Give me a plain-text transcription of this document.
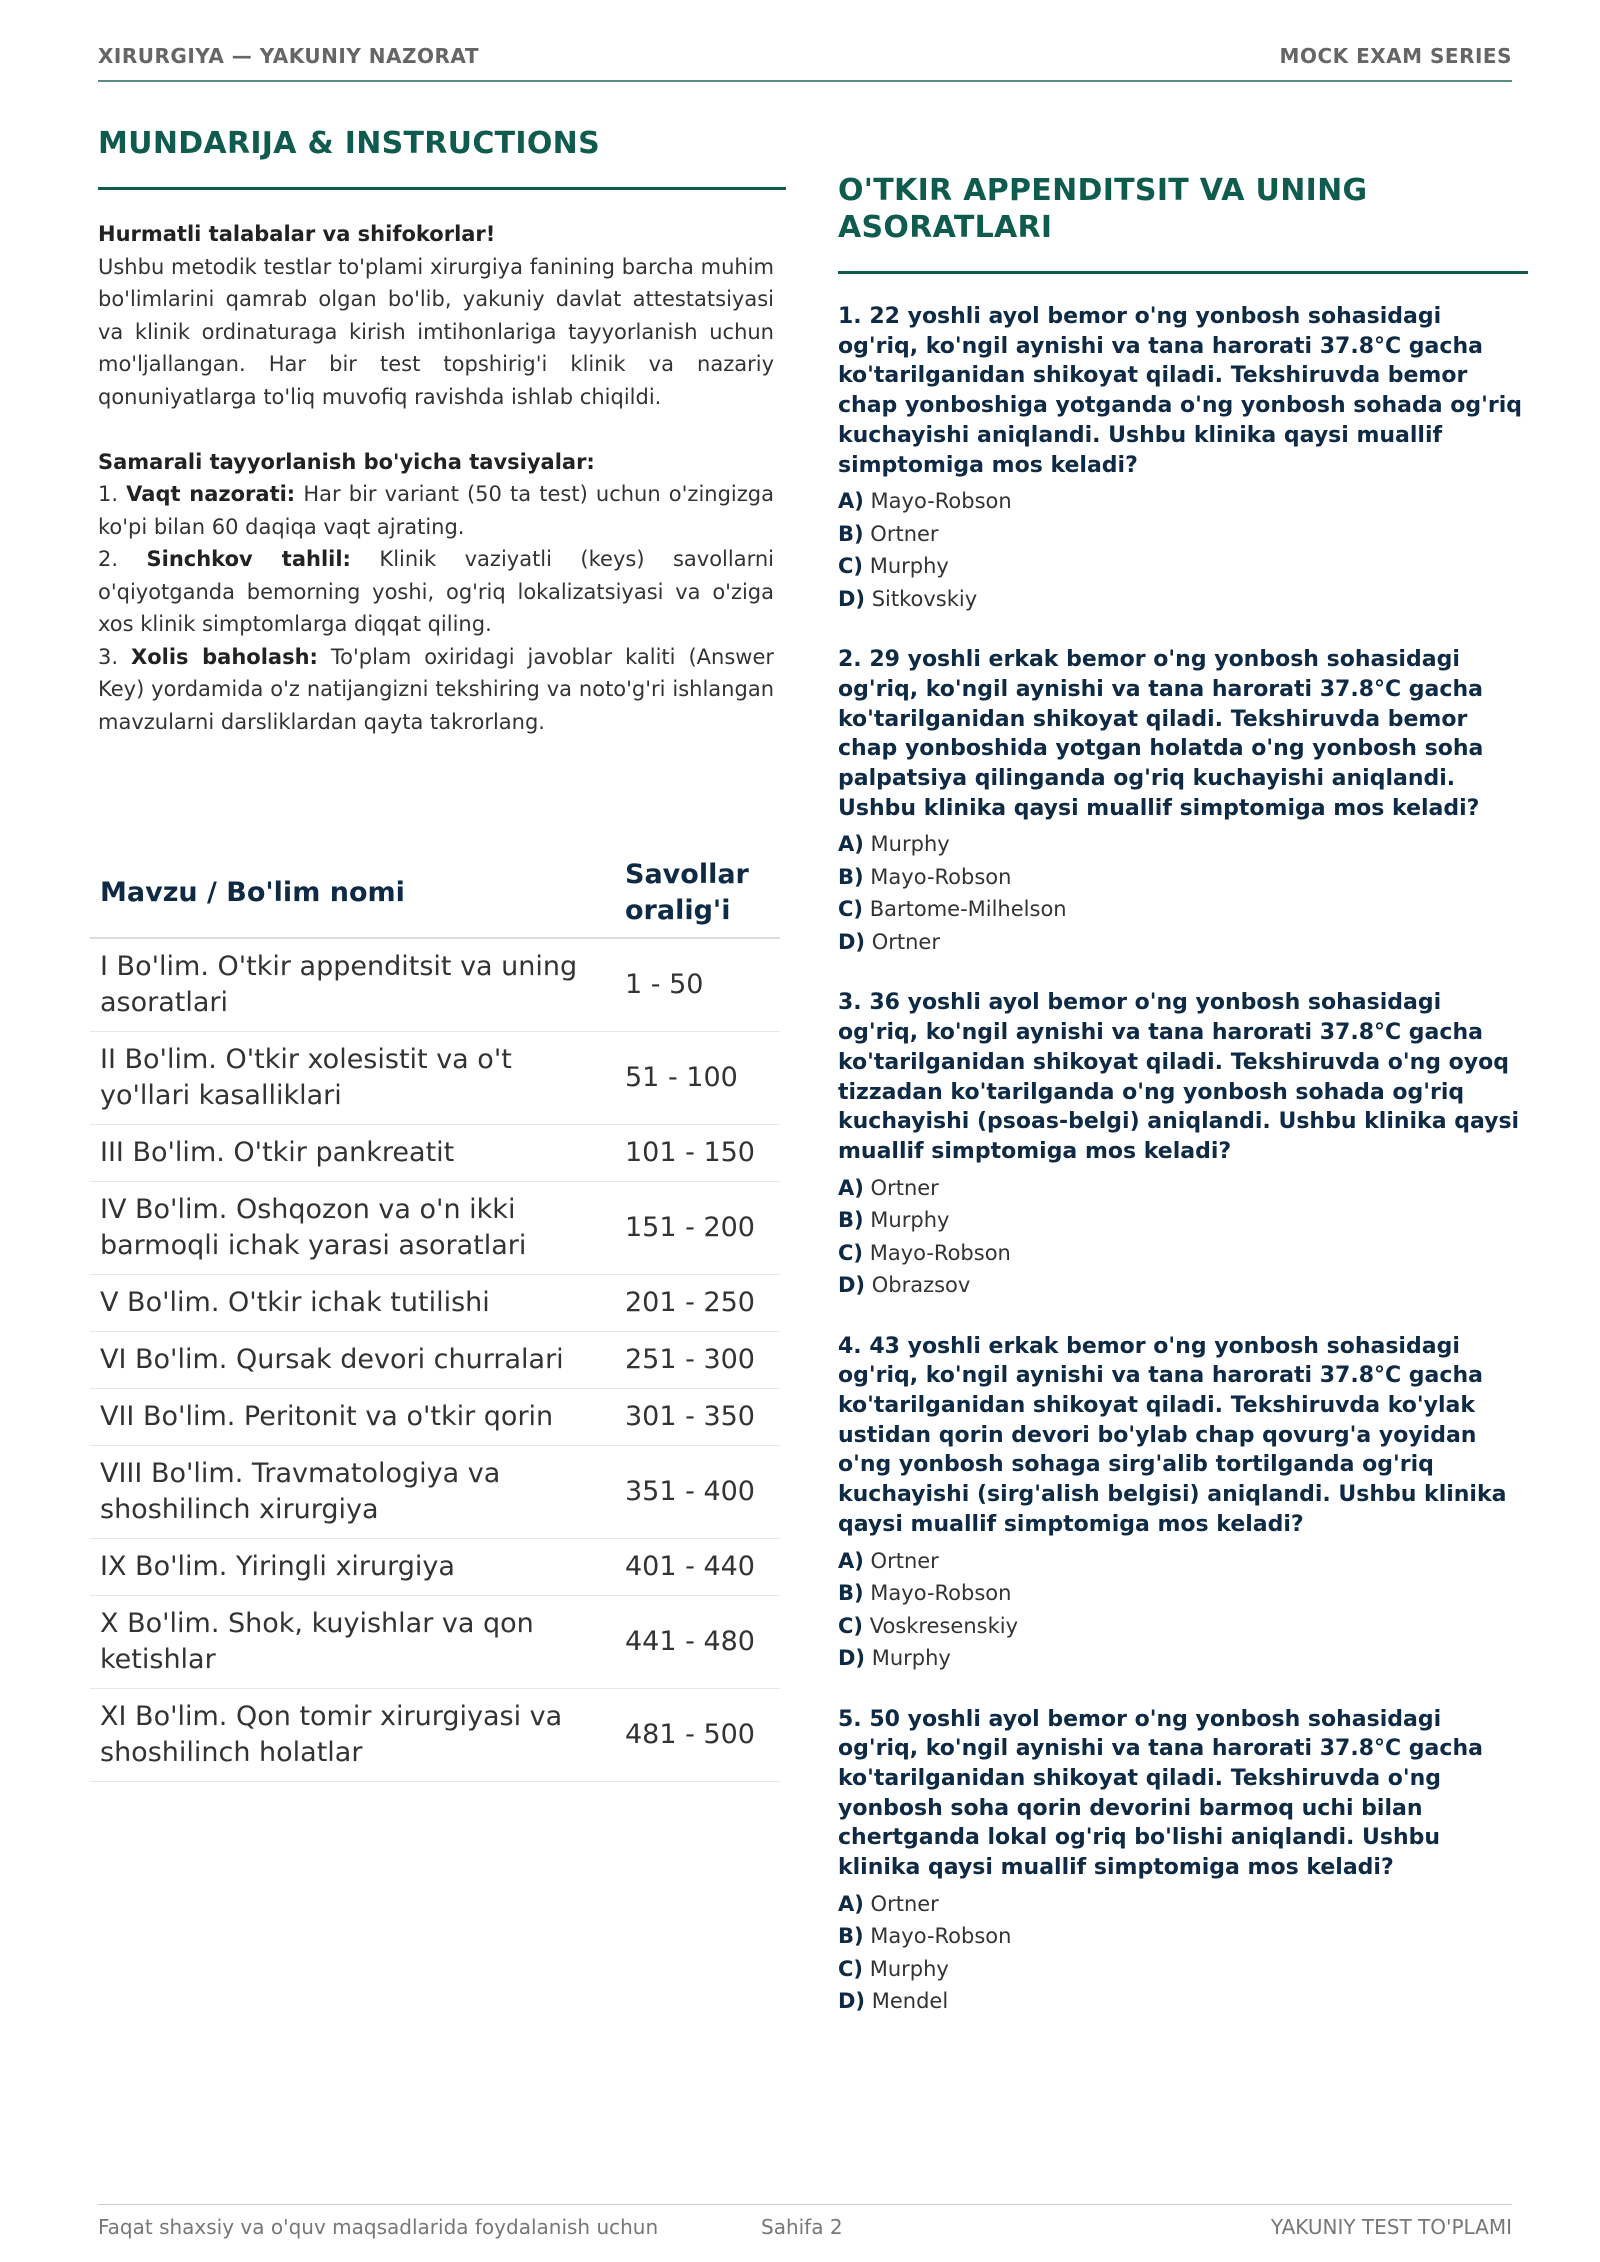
XIRURGIYA — YAKUNIY NAZORAT	MOCK EXAM SERIES
MUNDARIJA & INSTRUCTIONS
Hurmatli talabalar va shifokorlar!
Ushbu metodik testlar to'plami xirurgiya fanining barcha muhim bo'limlarini qamrab olgan bo'lib, yakuniy davlat attestatsiyasi va klinik ordinaturaga kirish imtihonlariga tayyorlanish uchun mo'ljallangan. Har bir test topshirig'i klinik va nazariy qonuniyatlarga to'liq muvofiq ravishda ishlab chiqildi.
Samarali tayyorlanish bo'yicha tavsiyalar:
1. Vaqt nazorati: Har bir variant (50 ta test) uchun o'zingizga ko'pi bilan 60 daqiqa vaqt ajrating.
2. Sinchkov tahlil: Klinik vaziyatli (keys) savollarni o'qiyotganda bemorning yoshi, og'riq lokalizatsiyasi va o'ziga xos klinik simptomlarga diqqat qiling.
3. Xolis baholash: To'plam oxiridagi javoblar kaliti (Answer Key) yordamida o'z natijangizni tekshiring va noto'g'ri ishlangan mavzularni darsliklardan qayta takrorlang.
Mavzu / Bo'lim nomi	Savollar oralig'i
I Bo'lim. O'tkir appenditsit va uning asoratlari	1 - 50
II Bo'lim. O'tkir xolesistit va o't yo'llari kasalliklari	51 - 100
III Bo'lim. O'tkir pankreatit	101 - 150
IV Bo'lim. Oshqozon va o'n ikki barmoqli ichak yarasi asoratlari	151 - 200
V Bo'lim. O'tkir ichak tutilishi	201 - 250
VI Bo'lim. Qursak devori churralari	251 - 300
VII Bo'lim. Peritonit va o'tkir qorin	301 - 350
VIII Bo'lim. Travmatologiya va shoshilinch xirurgiya	351 - 400
IX Bo'lim. Yiringli xirurgiya	401 - 440
X Bo'lim. Shok, kuyishlar va qon ketishlar	441 - 480
XI Bo'lim. Qon tomir xirurgiyasi va shoshilinch holatlar	481 - 500
O'TKIR APPENDITSIT VA UNING ASORATLARI

1. 22 yoshli ayol bemor o'ng yonbosh sohasidagi og'riq, ko'ngil aynishi va tana harorati 37.8°C gacha ko'tarilganidan shikoyat qiladi. Tekshiruvda bemor chap yonboshiga yotganda o'ng yonbosh sohada og'riq kuchayishi aniqlandi. Ushbu klinika qaysi muallif simptomiga mos keladi?

A) Mayo-Robson
B) Ortner
C) Murphy
D) Sitkovskiy

2. 29 yoshli erkak bemor o'ng yonbosh sohasidagi og'riq, ko'ngil aynishi va tana harorati 37.8°C gacha ko'tarilganidan shikoyat qiladi. Tekshiruvda bemor chap yonboshida yotgan holatda o'ng yonbosh soha palpatsiya qilinganda og'riq kuchayishi aniqlandi. Ushbu klinika qaysi muallif simptomiga mos keladi?

A) Murphy
B) Mayo-Robson
C) Bartome-Milhelson
D) Ortner

3. 36 yoshli ayol bemor o'ng yonbosh sohasidagi og'riq, ko'ngil aynishi va tana harorati 37.8°C gacha ko'tarilganidan shikoyat qiladi. Tekshiruvda o'ng oyoq tizzadan ko'tarilganda o'ng yonbosh sohada og'riq kuchayishi (psoas-belgi) aniqlandi. Ushbu klinika qaysi muallif simptomiga mos keladi?

A) Ortner
B) Murphy
C) Mayo-Robson
D) Obrazsov

4. 43 yoshli erkak bemor o'ng yonbosh sohasidagi og'riq, ko'ngil aynishi va tana harorati 37.8°C gacha ko'tarilganidan shikoyat qiladi. Tekshiruvda ko'ylak ustidan qorin devori bo'ylab chap qovurg'a yoyidan o'ng yonbosh sohaga sirg'alib tortilganda og'riq kuchayishi (sirg'alish belgisi) aniqlandi. Ushbu klinika qaysi muallif simptomiga mos keladi?

A) Ortner
B) Mayo-Robson
C) Voskresenskiy
D) Murphy

5. 50 yoshli ayol bemor o'ng yonbosh sohasidagi og'riq, ko'ngil aynishi va tana harorati 37.8°C gacha ko'tarilganidan shikoyat qiladi. Tekshiruvda o'ng yonbosh soha qorin devorini barmoq uchi bilan chertganda lokal og'riq bo'lishi aniqlandi. Ushbu klinika qaysi muallif simptomiga mos keladi?

A) Ortner
B) Mayo-Robson
C) Murphy
D) Mendel
Faqat shaxsiy va o'quv maqsadlarida foydalanish uchun	Sahifa 2	YAKUNIY TEST TO'PLAMI
